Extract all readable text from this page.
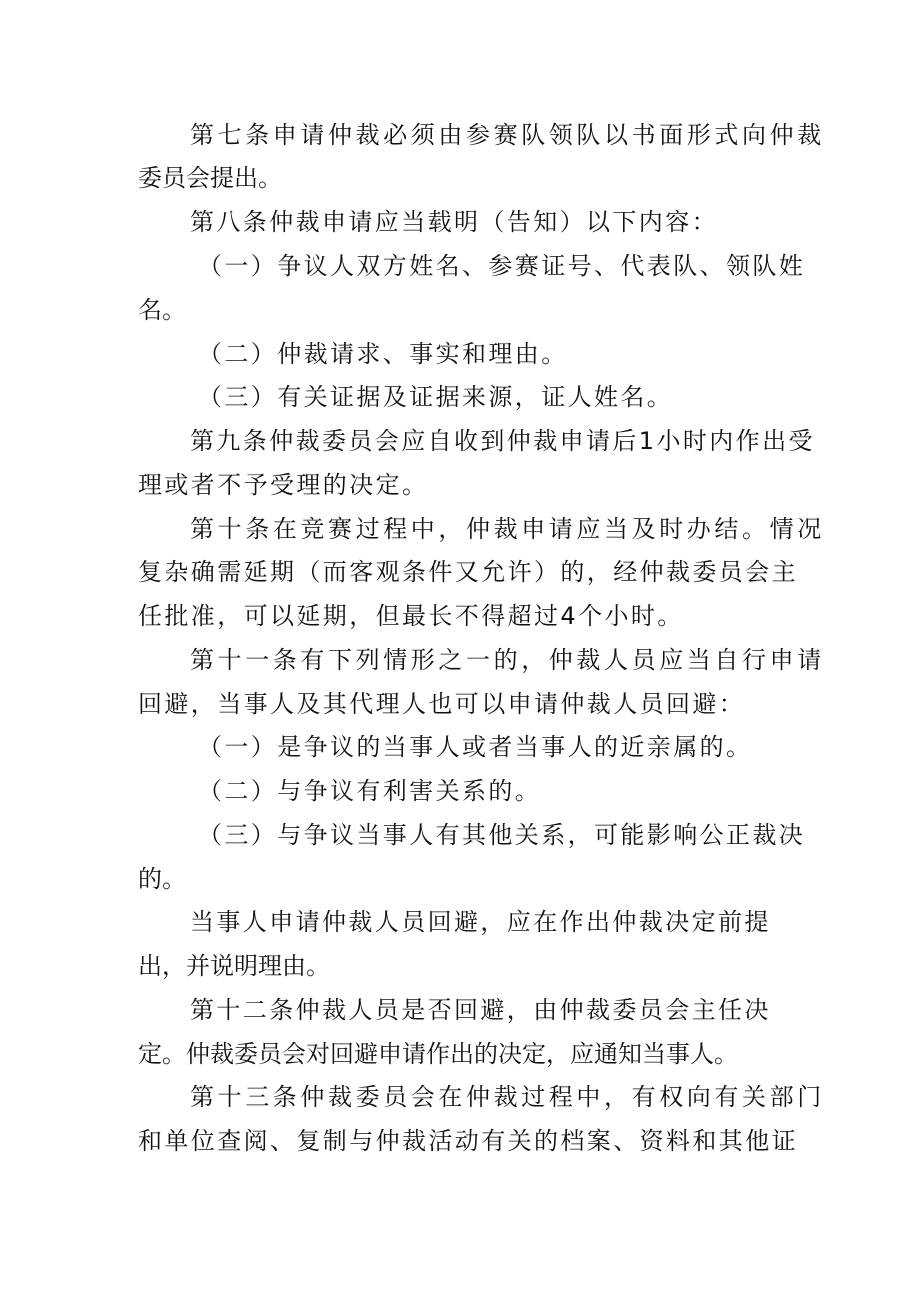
第七条申请仲裁必须由参赛队领队以书面形式向仲裁
委员会提出。
第八条仲裁申请应当载明（告知）以下内容：
（一）争议人双方姓名、参赛证号、代表队、领队姓
名。
（二）仲裁请求、事实和理由。
（三）有关证据及证据来源，证人姓名。
第九条仲裁委员会应自收到仲裁申请后1小时内作出受
理或者不予受理的决定。
第十条在竞赛过程中，仲裁申请应当及时办结。情况
复杂确需延期（而客观条件又允许）的，经仲裁委员会主
任批准，可以延期，但最长不得超过4个小时。
第十一条有下列情形之一的，仲裁人员应当自行申请
回避，当事人及其代理人也可以申请仲裁人员回避：
（一）是争议的当事人或者当事人的近亲属的。
（二）与争议有利害关系的。
（三）与争议当事人有其他关系，可能影响公正裁决
的。
当事人申请仲裁人员回避，应在作出仲裁决定前提
出，并说明理由。
第十二条仲裁人员是否回避，由仲裁委员会主任决
定。仲裁委员会对回避申请作出的决定，应通知当事人。
第十三条仲裁委员会在仲裁过程中，有权向有关部门
和单位查阅、复制与仲裁活动有关的档案、资料和其他证
